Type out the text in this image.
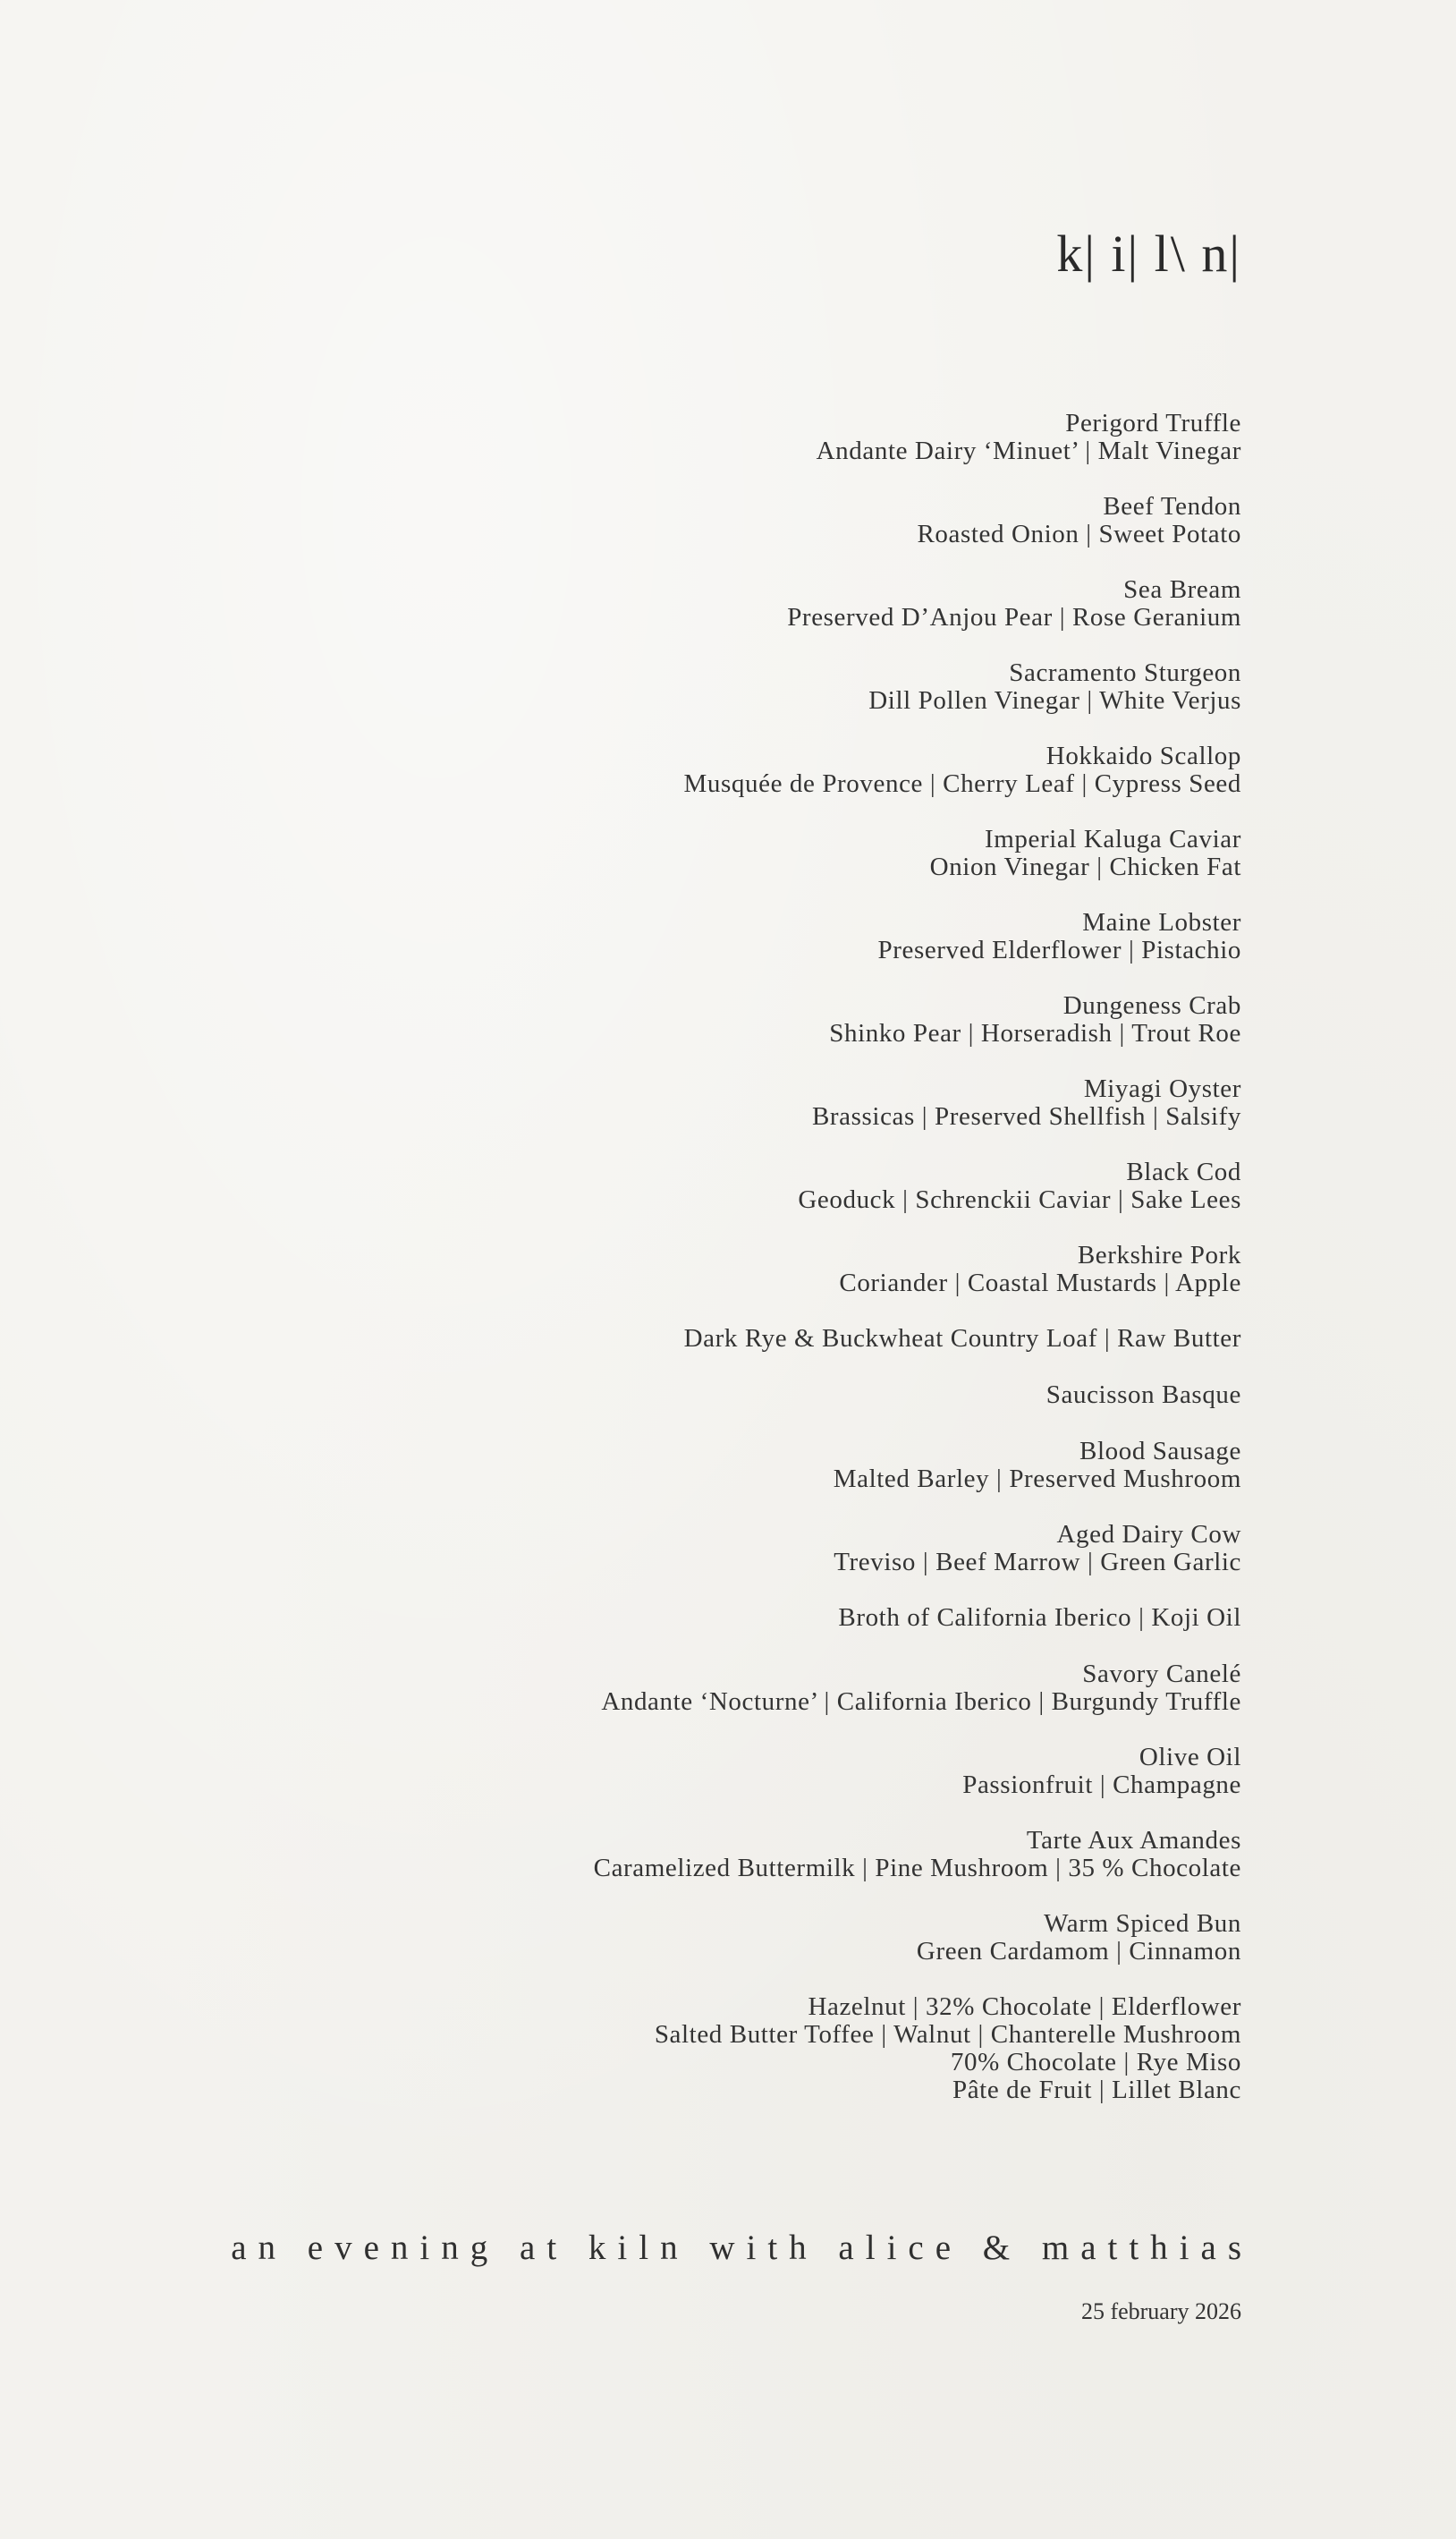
k| i| l\ n|
Perigord Truffle
Andante Dairy ‘Minuet’ | Malt Vinegar
Beef Tendon
Roasted Onion | Sweet Potato
Sea Bream
Preserved D’Anjou Pear | Rose Geranium
Sacramento Sturgeon
Dill Pollen Vinegar | White Verjus
Hokkaido Scallop
Musquée de Provence | Cherry Leaf | Cypress Seed
Imperial Kaluga Caviar
Onion Vinegar | Chicken Fat
Maine Lobster
Preserved Elderflower | Pistachio
Dungeness Crab
Shinko Pear | Horseradish | Trout Roe
Miyagi Oyster
Brassicas | Preserved Shellfish | Salsify
Black Cod
Geoduck | Schrenckii Caviar | Sake Lees
Berkshire Pork
Coriander | Coastal Mustards | Apple
Dark Rye & Buckwheat Country Loaf | Raw Butter
Saucisson Basque
Blood Sausage
Malted Barley | Preserved Mushroom
Aged Dairy Cow
Treviso | Beef Marrow | Green Garlic
Broth of California Iberico | Koji Oil
Savory Canelé
Andante ‘Nocturne’ | California Iberico | Burgundy Truffle
Olive Oil
Passionfruit | Champagne
Tarte Aux Amandes
Caramelized Buttermilk | Pine Mushroom | 35 % Chocolate
Warm Spiced Bun
Green Cardamom | Cinnamon
Hazelnut | 32% Chocolate | Elderflower
Salted Butter Toffee | Walnut | Chanterelle Mushroom
70% Chocolate | Rye Miso
Pâte de Fruit | Lillet Blanc
an evening at kiln with alice & matthias
25 february 2026
